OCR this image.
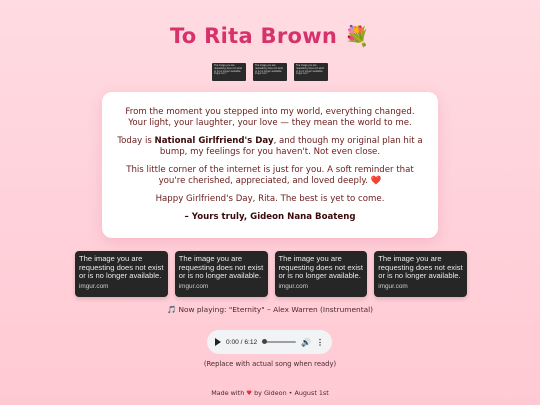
To Rita Brown 💐
The image you are requesting does not exist or is no longer available. imgur.com
The image you are requesting does not exist or is no longer available. imgur.com
The image you are requesting does not exist or is no longer available. imgur.com

From the moment you stepped into my world, everything changed. Your light, your laughter, your love — they mean the world to me.

Today is National Girlfriend's Day, and though my original plan hit a bump, my feelings for you haven't. Not even close.

This little corner of the internet is just for you. A soft reminder that you're cherished, appreciated, and loved deeply. ❤️

Happy Girlfriend's Day, Rita. The best is yet to come.

– Yours truly, Gideon Nana Boateng

The image you are requesting does not exist or is no longer available.
imgur.com
The image you are requesting does not exist or is no longer available.
imgur.com
The image you are requesting does not exist or is no longer available.
imgur.com
The image you are requesting does not exist or is no longer available.
imgur.com
🎵 Now playing: "Eternity" – Alex Warren (Instrumental)
0:00 / 6:12	🔊 ⋮
(Replace with actual song when ready)
Made with ♥ by Gideon • August 1st
